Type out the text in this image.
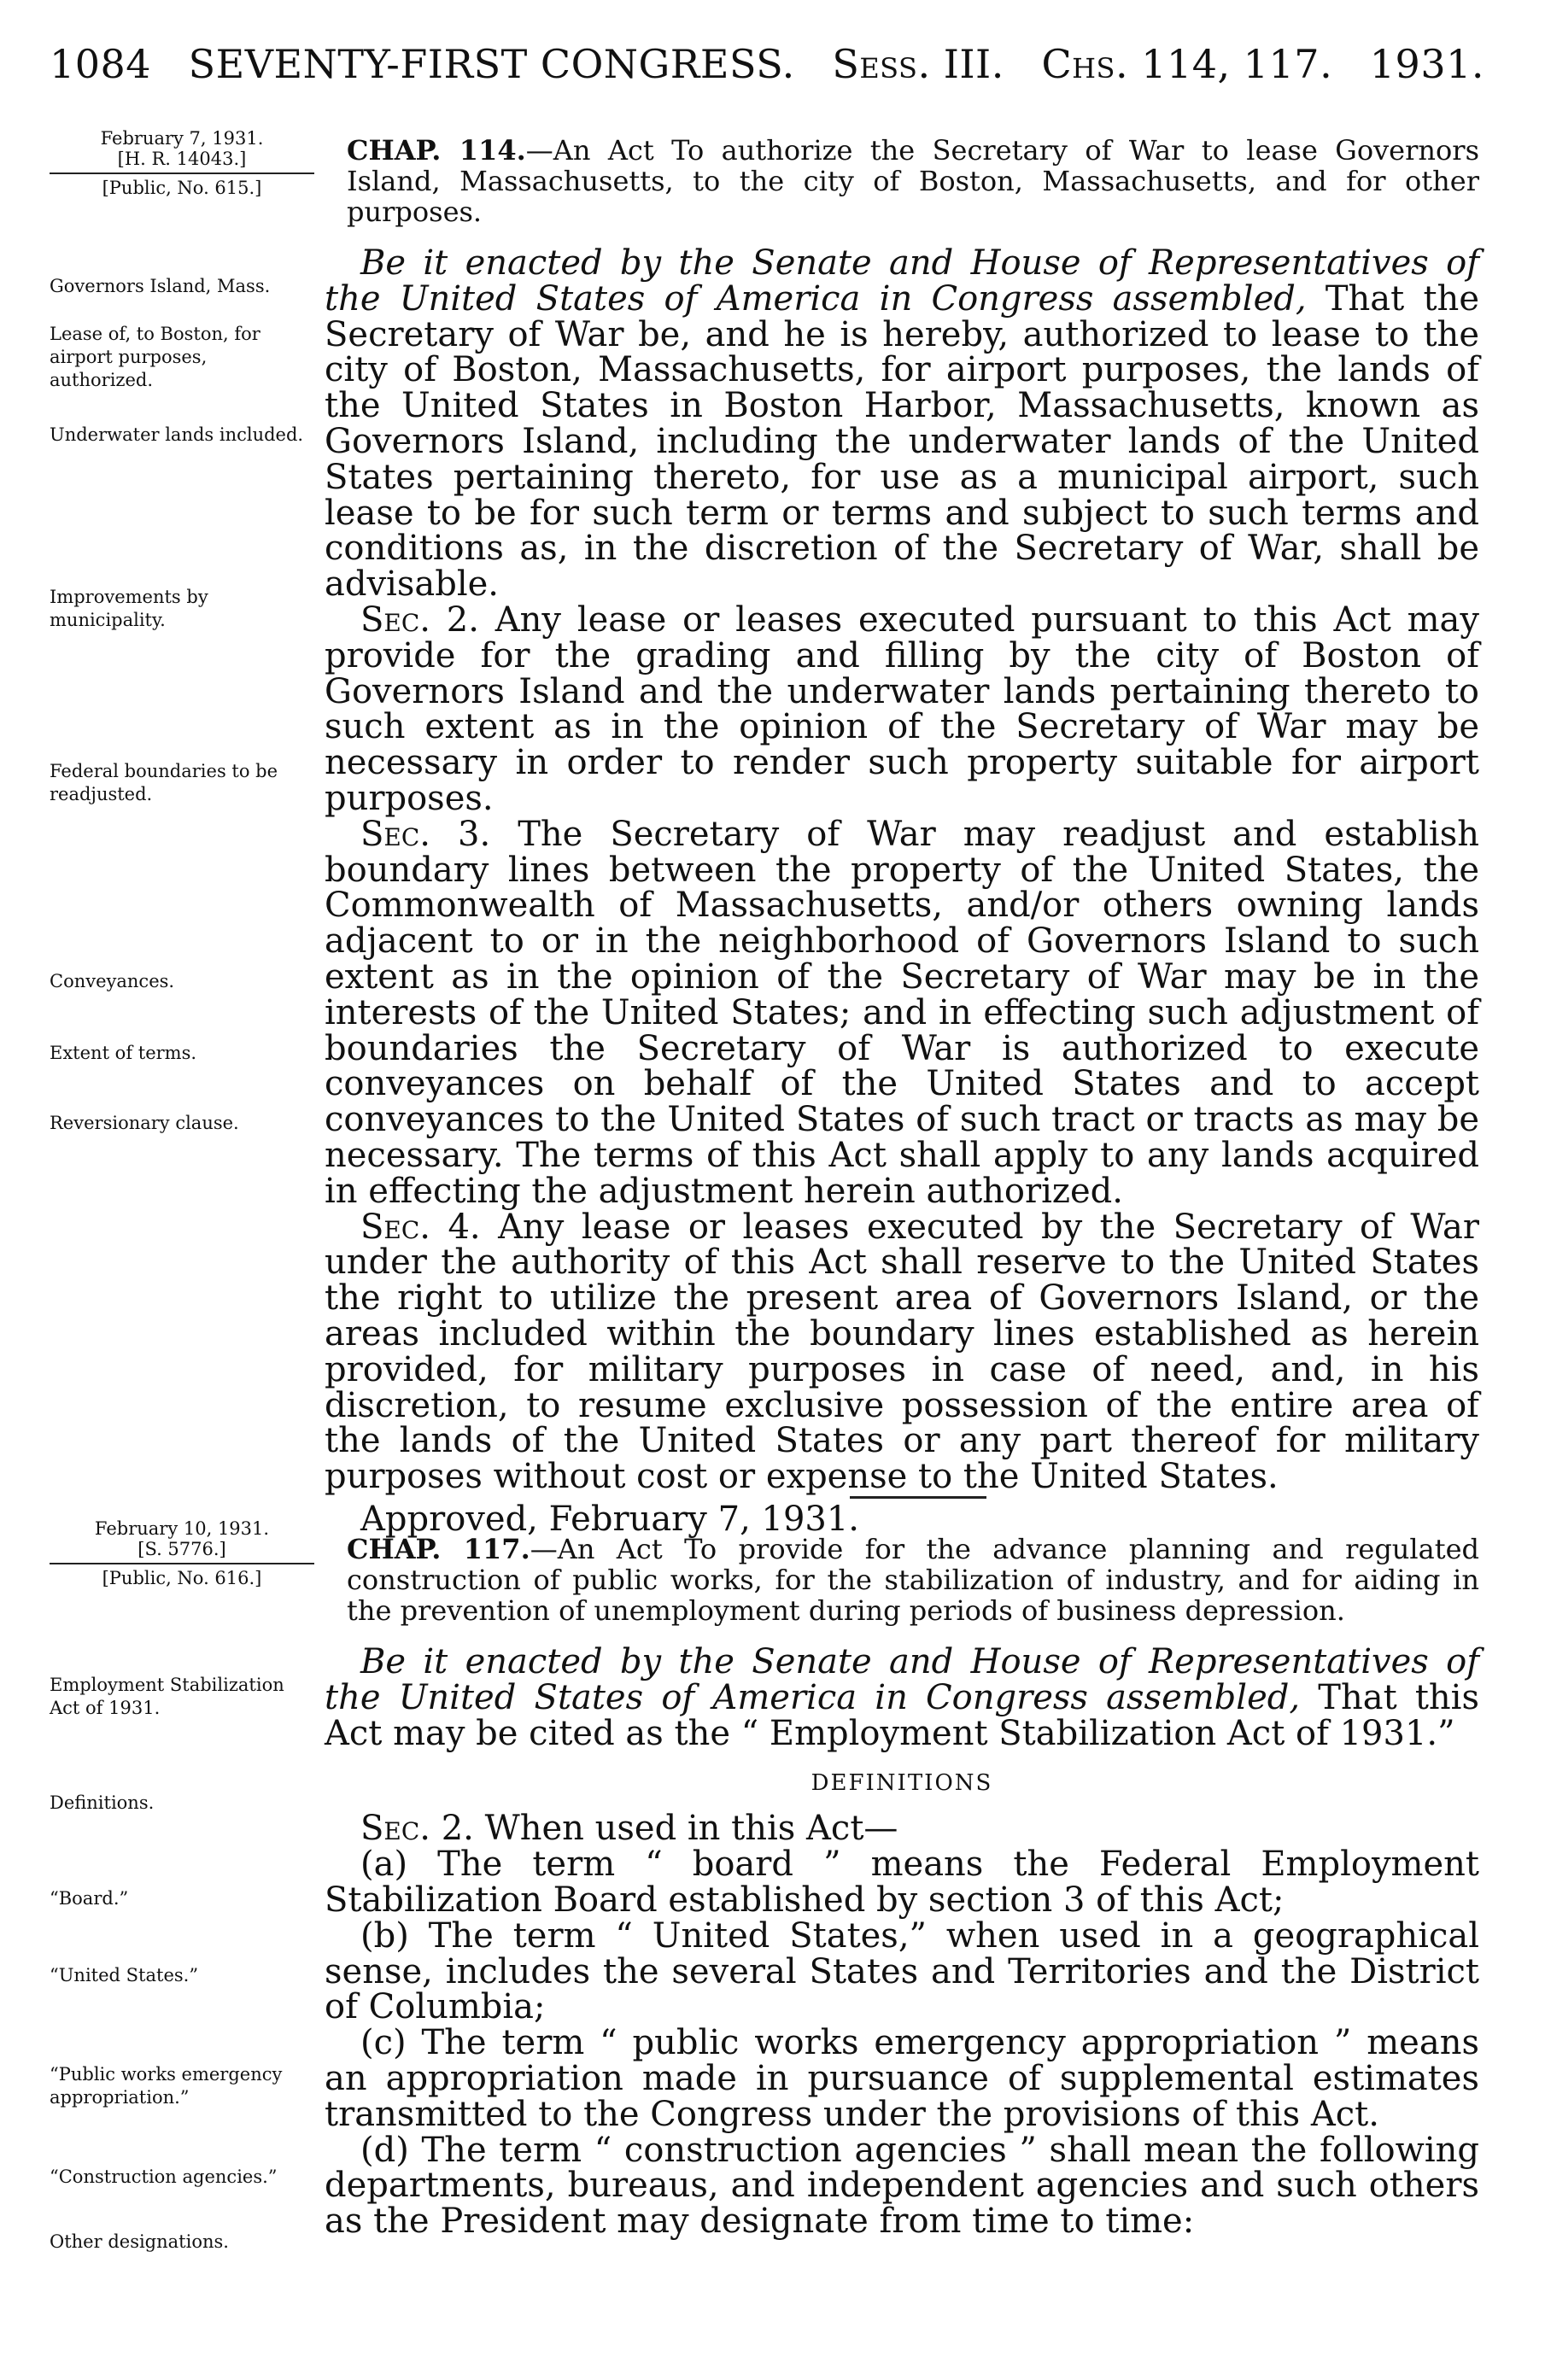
1084 SEVENTY-FIRST CONGRESS. Sess. III. Chs. 114, 117. 1931.
February 7, 1931.
[H. R. 14043.]
[Public, No. 615.]
Governors Island, Mass.
Lease of, to Boston, for airport purposes, authorized.
Underwater lands included.
Improvements by municipality.
Federal boundaries to be readjusted.
Conveyances.
Extent of terms.
Reversionary clause.
CHAP. 114.—An Act To authorize the Secretary of War to lease Governors Island, Massachusetts, to the city of Boston, Massachusetts, and for other purposes.

Be it enacted by the Senate and House of Representatives of the United States of America in Congress assembled, That the Secretary of War be, and he is hereby, authorized to lease to the city of Boston, Massachusetts, for airport purposes, the lands of the United States in Boston Harbor, Massachusetts, known as Governors Island, including the underwater lands of the United States pertaining thereto, for use as a municipal airport, such lease to be for such term or terms and subject to such terms and conditions as, in the discretion of the Secretary of War, shall be advisable.

Sec. 2. Any lease or leases executed pursuant to this Act may provide for the grading and filling by the city of Boston of Governors Island and the underwater lands pertaining thereto to such extent as in the opinion of the Secretary of War may be necessary in order to render such property suitable for airport purposes.

Sec. 3. The Secretary of War may readjust and establish boundary lines between the property of the United States, the Commonwealth of Massachusetts, and/or others owning lands adjacent to or in the neighborhood of Governors Island to such extent as in the opinion of the Secretary of War may be in the interests of the United States; and in effecting such adjustment of boundaries the Secretary of War is authorized to execute conveyances on behalf of the United States and to accept conveyances to the United States of such tract or tracts as may be necessary. The terms of this Act shall apply to any lands acquired in effecting the adjustment herein authorized.

Sec. 4. Any lease or leases executed by the Secretary of War under the authority of this Act shall reserve to the United States the right to utilize the present area of Governors Island, or the areas included within the boundary lines established as herein provided, for military purposes in case of need, and, in his discretion, to resume exclusive possession of the entire area of the lands of the United States or any part thereof for military purposes without cost or expense to the United States.

Approved, February 7, 1931.
February 10, 1931.
[S. 5776.]
[Public, No. 616.]
Employment Stabilization Act of 1931.
Definitions.
“Board.”
“United States.”
“Public works emergency appropriation.”
“Construction agencies.”
Other designations.
CHAP. 117.—An Act To provide for the advance planning and regulated construction of public works, for the stabilization of industry, and for aiding in the prevention of unemployment during periods of business depression.

Be it enacted by the Senate and House of Representatives of the United States of America in Congress assembled, That this Act may be cited as the “ Employment Stabilization Act of 1931.”

DEFINITIONS

Sec. 2. When used in this Act—

(a) The term “ board ” means the Federal Employment Stabilization Board established by section 3 of this Act;

(b) The term “ United States,” when used in a geographical sense, includes the several States and Territories and the District of Columbia;

(c) The term “ public works emergency appropriation ” means an appropriation made in pursuance of supplemental estimates transmitted to the Congress under the provisions of this Act.

(d) The term “ construction agencies ” shall mean the following departments, bureaus, and independent agencies and such others as the President may designate from time to time:
